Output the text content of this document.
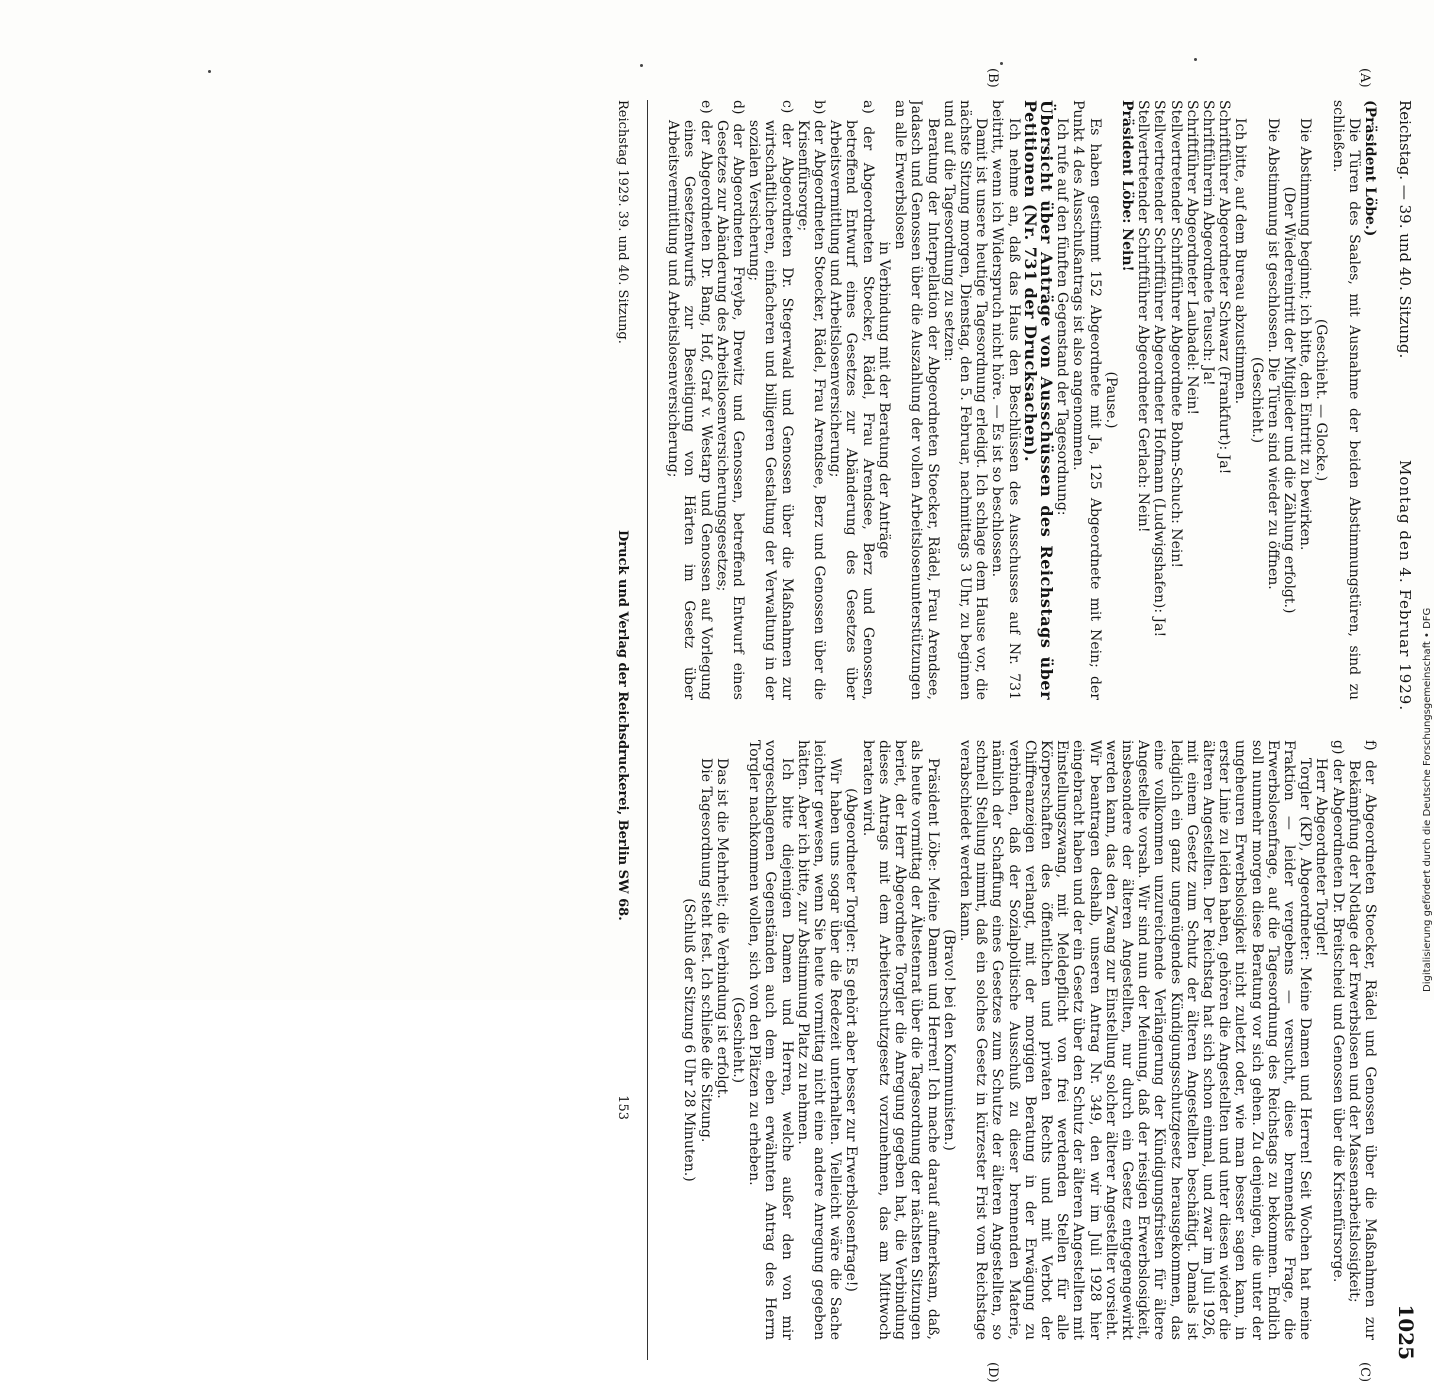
Digitalisierung gefördert durch die Deutsche Forschungsgemeinschaft • DFG
Reichstag. — 39. und 40. Sitzung.
Montag den 4. Februar 1929.
1025
(A)
(B)
(C)
(D)

(Präsident Löbe.)

Die Türen des Saales, mit Ausnahme der beiden Abstimmungstüren, sind zu schließen.

(Geschieht. — Glocke.)

Die Abstimmung beginnt; ich bitte, den Eintritt zu bewirken.

(Der Wiedereintritt der Mitglieder und die Zählung erfolgt.)

Die Abstimmung ist geschlossen. Die Türen sind wieder zu öffnen.

(Geschieht.)

Ich bitte, auf dem Bureau abzustimmen.

Schriftführer Abgeordneter Schwarz (Frankfurt): Ja!

Schriftführerin Abgeordnete Teusch: Ja!

Schriftführer Abgeordneter Laubadel: Nein!

Stellvertretender Schriftführer Abgeordnete Bohm-Schuch: Nein!

Stellvertretender Schriftführer Abgeordneter Hofmann (Ludwigshafen): Ja!

Stellvertretender Schriftführer Abgeordneter Gerlach: Nein!

Präsident Löbe: Nein!

(Pause.)

Es haben gestimmt 152 Abgeordnete mit Ja, 125 Abgeordnete mit Nein; der Punkt 4 des Ausschußantrags ist also angenommen.

Ich rufe auf den fünften Gegenstand der Tagesordnung:

Übersicht über Anträge von Ausschüssen des Reichstags über Petitionen (Nr. 731 der Drucksachen).

Ich nehme an, daß das Haus den Beschlüssen des Ausschusses auf Nr. 731 beitritt, wenn ich Widerspruch nicht höre. — Es ist so beschlossen.

Damit ist unsere heutige Tagesordnung erledigt. Ich schlage dem Hause vor, die nächste Sitzung morgen, Dienstag, den 5. Februar, nachmittags 3 Uhr, zu beginnen und auf die Tagesordnung zu setzen:

Beratung der Interpellation der Abgeordneten Stoecker, Rädel, Frau Arendsee, Jadasch und Genossen über die Auszahlung der vollen Arbeitslosenunterstützungen an alle Erwerbslosen

in Verbindung mit der Beratung der Anträge

a) der Abgeordneten Stoecker, Rädel, Frau Arendsee, Berz und Genossen, betreffend Entwurf eines Gesetzes zur Abänderung des Gesetzes über Arbeitsvermittlung und Arbeitslosenversicherung;

b) der Abgeordneten Stoecker, Rädel, Frau Arendsee, Berz und Genossen über die Krisenfürsorge;

c) der Abgeordneten Dr. Stegerwald und Genossen über die Maßnahmen zur wirtschaftlicheren, einfacheren und billigeren Gestaltung der Verwaltung in der sozialen Versicherung;

d) der Abgeordneten Freybe, Drewitz und Genossen, betreffend Entwurf eines Gesetzes zur Abänderung des Arbeitslosenversicherungsgesetzes;

e) der Abgeordneten Dr. Bang, Hof, Graf v. Westarp und Genossen auf Vorlegung eines Gesetzentwurfs zur Beseitigung von Härten im Gesetz über Arbeitsvermittlung und Arbeitslosenversicherung;

f) der Abgeordneten Stoecker, Rädel und Genossen über die Maßnahmen zur Bekämpfung der Notlage der Erwerbslosen und der Massenarbeitslosigkeit;

g) der Abgeordneten Dr. Breitscheid und Genossen über die Krisenfürsorge.

Herr Abgeordneter Torgler!

Torgler (KP), Abgeordneter: Meine Damen und Herren! Seit Wochen hat meine Fraktion — leider vergebens — versucht, diese brennendste Frage, die Erwerbslosenfrage, auf die Tagesordnung des Reichstags zu bekommen. Endlich soll nunmehr morgen diese Beratung vor sich gehen. Zu denjenigen, die unter der ungeheuren Erwerbslosigkeit nicht zuletzt oder, wie man besser sagen kann, in erster Linie zu leiden haben, gehören die Angestellten und unter diesen wieder die älteren Angestellten. Der Reichstag hat sich schon einmal, und zwar im Juli 1926, mit einem Gesetz zum Schutz der älteren Angestellten beschäftigt. Damals ist lediglich ein ganz ungenügendes Kündigungsschutzgesetz herausgekommen, das eine vollkommen unzureichende Verlängerung der Kündigungsfristen für ältere Angestellte vorsah. Wir sind nun der Meinung, daß der riesigen Erwerbslosigkeit, insbesondere der älteren Angestellten, nur durch ein Gesetz entgegengewirkt werden kann, das den Zwang zur Einstellung solcher älterer Angestellter vorsieht. Wir beantragen deshalb, unseren Antrag Nr. 349, den wir im Juli 1928 hier eingebracht haben und der ein Gesetz über den Schutz der älteren Angestellten mit Einstellungszwang, mit Meldepflicht von frei werdenden Stellen für alle Körperschaften des öffentlichen und privaten Rechts und mit Verbot der Chiffreanzeigen verlangt, mit der morgigen Beratung in der Erwägung zu verbinden, daß der Sozialpolitische Ausschuß zu dieser brennenden Materie, nämlich der Schaffung eines Gesetzes zum Schutze der älteren Angestellten, so schnell Stellung nimmt, daß ein solches Gesetz in kürzester Frist vom Reichstage verabschiedet werden kann.

(Bravo! bei den Kommunisten.)

Präsident Löbe: Meine Damen und Herren! Ich mache darauf aufmerksam, daß, als heute vormittag der Ältestenrat über die Tagesordnung der nächsten Sitzungen beriet, der Herr Abgeordnete Torgler die Anregung gegeben hat, die Verbindung dieses Antrags mit dem Arbeiterschutzgesetz vorzunehmen, das am Mittwoch beraten wird.

(Abgeordneter Torgler: Es gehört aber besser zur Erwerbslosenfrage!)

Wir haben uns sogar über die Redezeit unterhalten. Vielleicht wäre die Sache leichter gewesen, wenn Sie heute vormittag nicht eine andere Anregung gegeben hätten. Aber ich bitte, zur Abstimmung Platz zu nehmen.

Ich bitte diejenigen Damen und Herren, welche außer den von mir vorgeschlagenen Gegenständen auch dem eben erwähnten Antrag des Herrn Torgler nachkommen wollen, sich von den Plätzen zu erheben.

(Geschieht.)

Das ist die Mehrheit; die Verbindung ist erfolgt.

Die Tagesordnung steht fest. Ich schließe die Sitzung.

(Schluß der Sitzung 6 Uhr 28 Minuten.)

Reichstag 1929. 39. und 40. Sitzung.
Druck und Verlag der Reichsdruckerei, Berlin SW 68.
153
